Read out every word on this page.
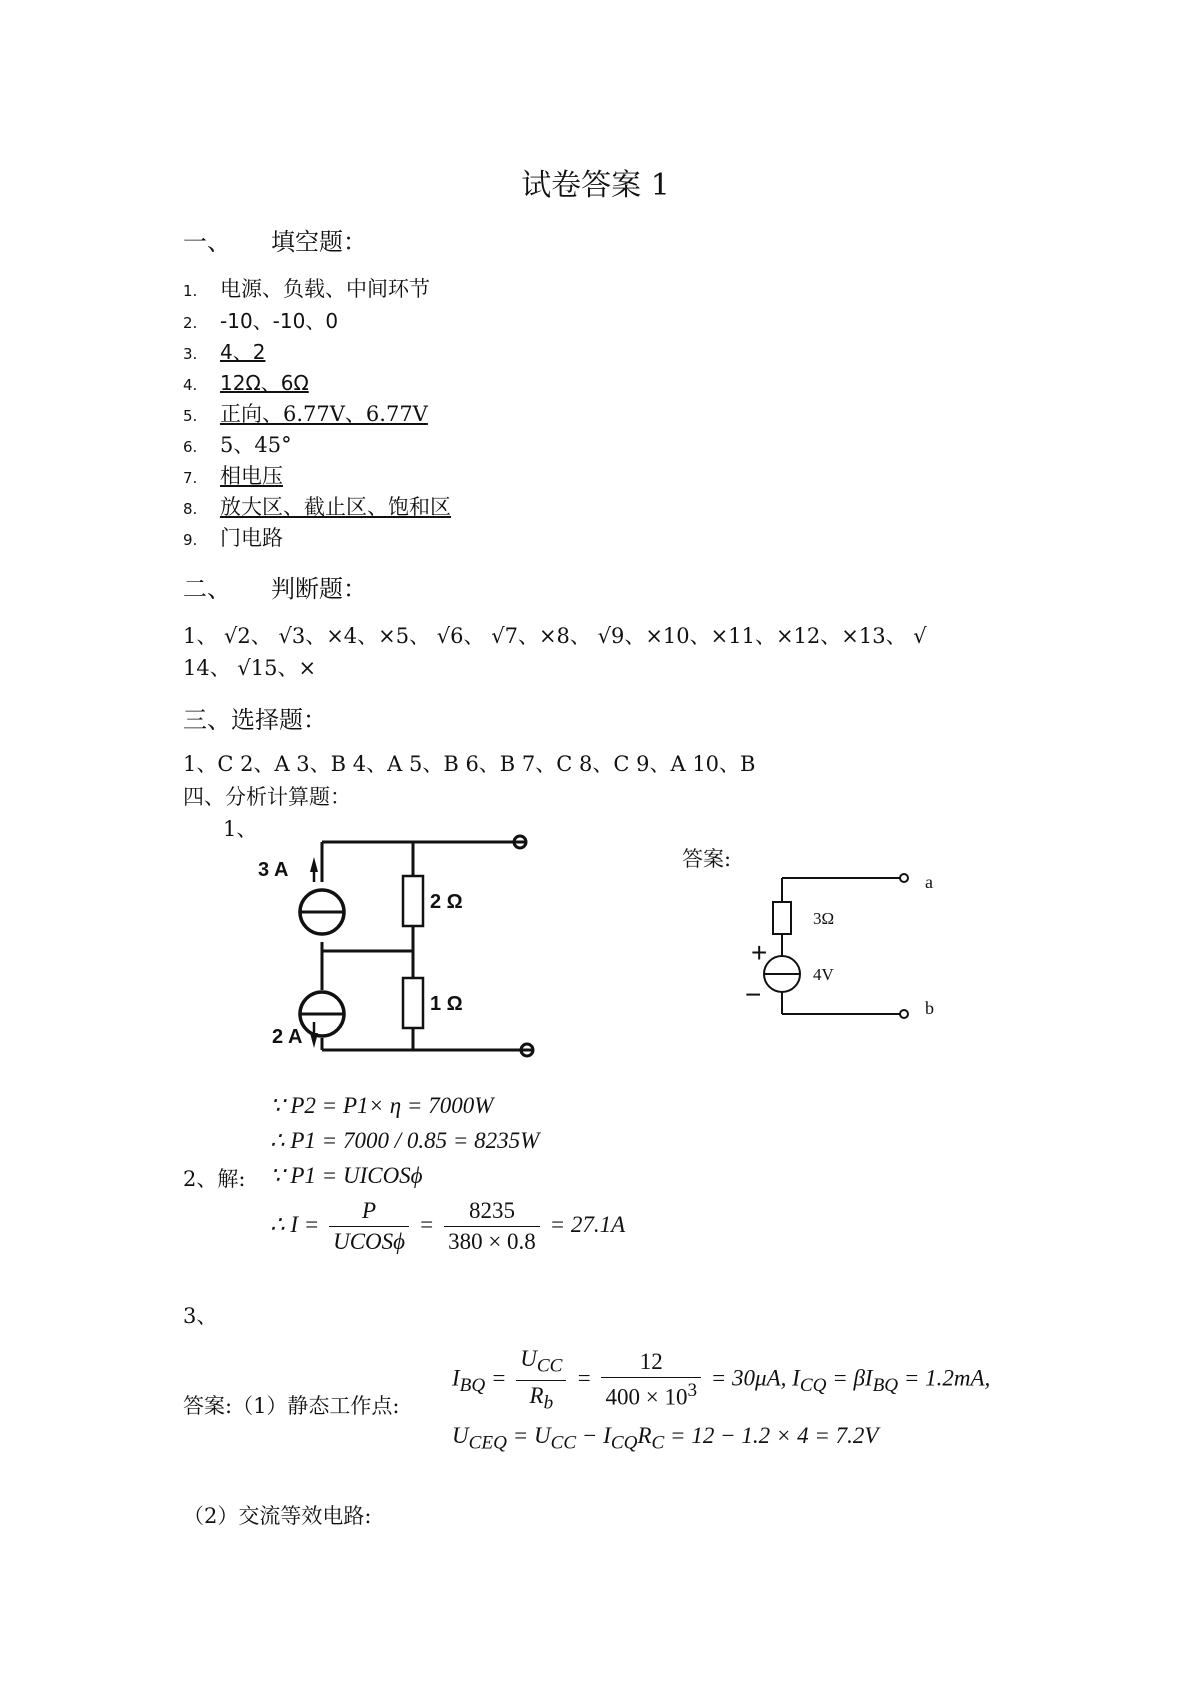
试卷答案 1
一、 填空题：
1. 电源、负载、中间环节
2. -10、-10、0
3. 4、2
4. 12Ω、6Ω
5. 正向、6.77V、6.77V
6. 5、45°
7. 相电压
8. 放大区、截止区、饱和区
9. 门电路
二、 判断题：
1、 √2、 √3、×4、×5、 √6、 √7、×8、 √9、×10、×11、×12、×13、 √
14、 √15、×
三、选择题：
1、C 2、A 3、B 4、A 5、B 6、B 7、C 8、C 9、A 10、B
四、分析计算题：
1、
答案:
3 A
2 Ω
1 Ω
2 A
+
−
3Ω
4V
a
b
∵ P2 = P1× η = 7000W
∴ P1 = 7000 / 0.85 = 8235W
2、解: ∵ P1 = UICOSϕ
∴ $I = \frac{P}{\text{UCOSϕ}} = \frac{8235}{380 \times 0.8} = 27.1A$
3、
答案:（1）静态工作点:
$I_{BQ} = \frac{U_{CC}}{R_b} = \frac{12}{400 \times 10^3} = 30\mu A$, $I_{CQ} = \beta I_{BQ} = 1.2mA$,
$U_{CEQ} = U_{CC} - I_{CQ}R_C = 12 - 1.2 \times 4 = 7.2V$
（2）交流等效电路:
